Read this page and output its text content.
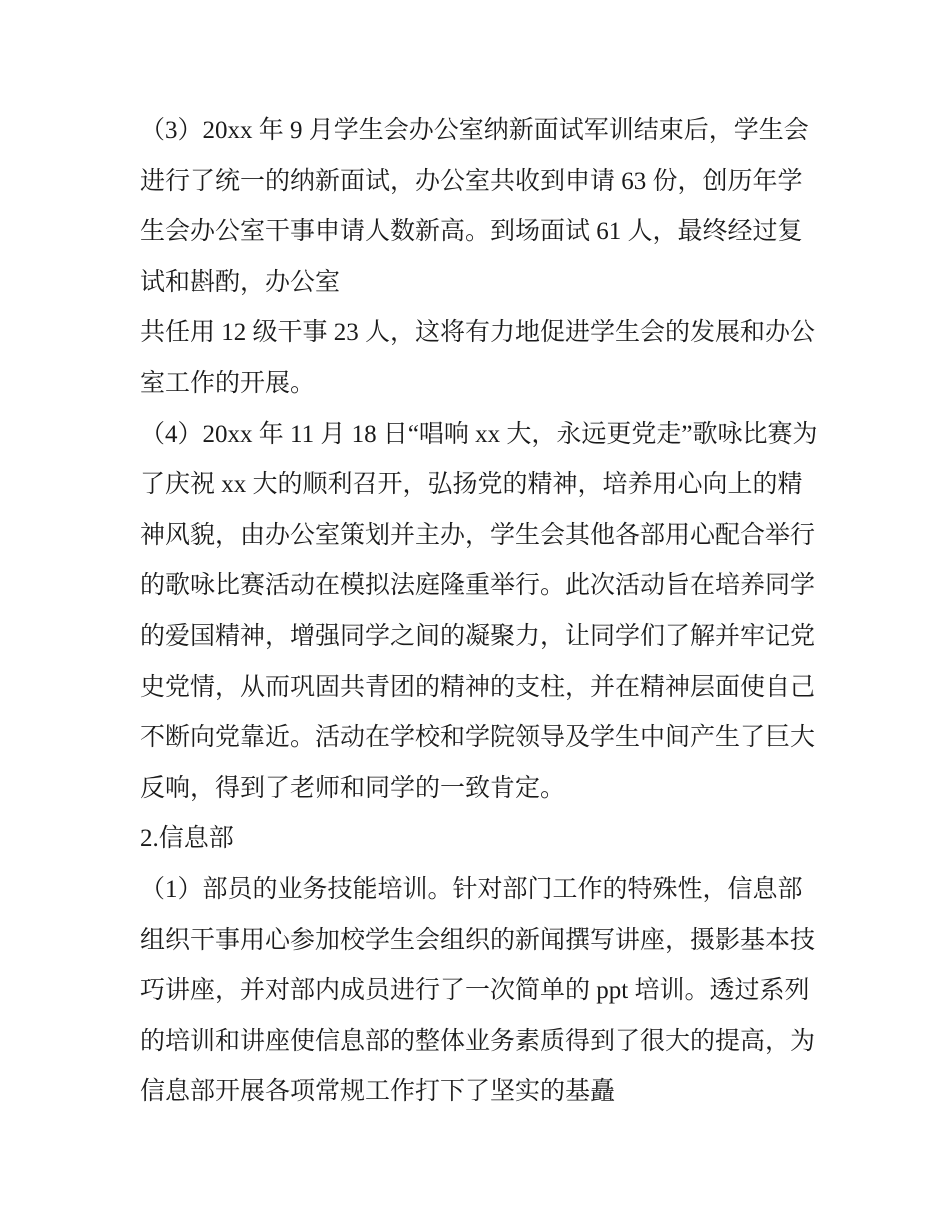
（3）20xx 年 9 月学生会办公室纳新面试军训结束后，学生会
进行了统一的纳新面试，办公室共收到申请 63 份，创历年学
生会办公室干事申请人数新高。到场面试 61 人，最终经过复
试和斟酌，办公室
共任用 12 级干事 23 人，这将有力地促进学生会的发展和办公
室工作的开展。
（4）20xx 年 11 月 18 日“唱响 xx 大，永远更党走”歌咏比赛为
了庆祝 xx 大的顺利召开，弘扬党的精神，培养用心向上的精
神风貌，由办公室策划并主办，学生会其他各部用心配合举行
的歌咏比赛活动在模拟法庭隆重举行。此次活动旨在培养同学
的爱国精神，增强同学之间的凝聚力，让同学们了解并牢记党
史党情，从而巩固共青团的精神的支柱，并在精神层面使自己
不断向党靠近。活动在学校和学院领导及学生中间产生了巨大
反响，得到了老师和同学的一致肯定。
2.信息部
（1）部员的业务技能培训。针对部门工作的特殊性，信息部
组织干事用心参加校学生会组织的新闻撰写讲座，摄影基本技
巧讲座，并对部内成员进行了一次简单的 ppt 培训。透过系列
的培训和讲座使信息部的整体业务素质得到了很大的提高，为
信息部开展各项常规工作打下了坚实的基矗
